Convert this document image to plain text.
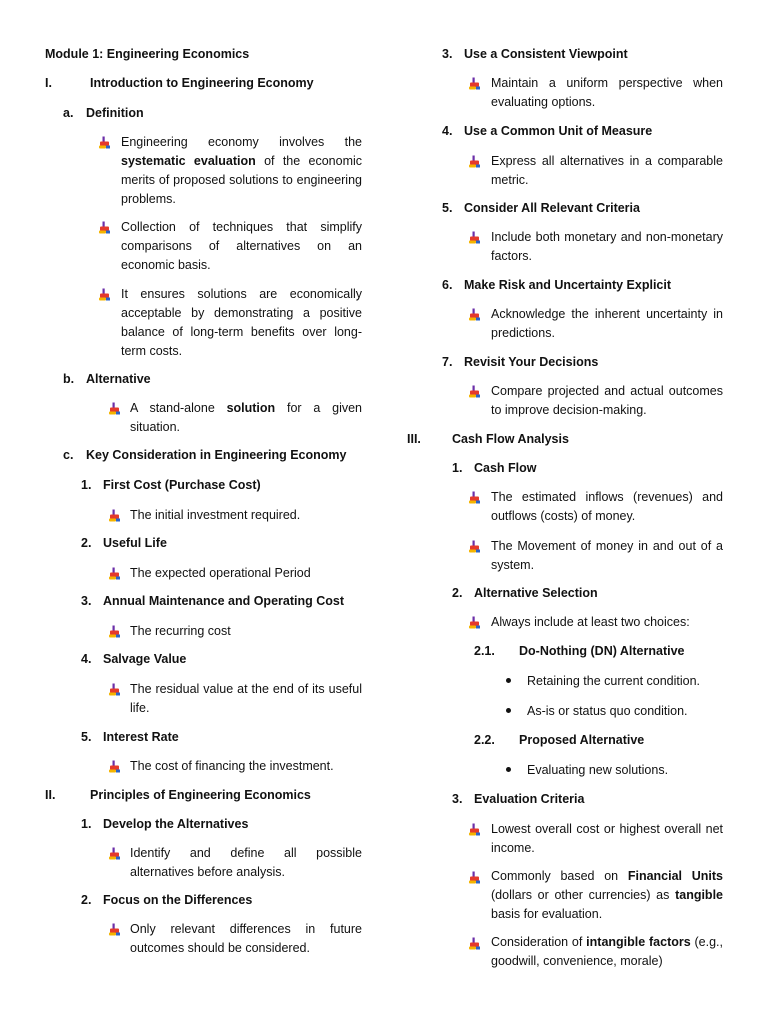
Module 1: Engineering Economics
I.	Introduction to Engineering Economy
a. Definition
Engineering economy involves the systematic evaluation of the economic merits of proposed solutions to engineering problems.
Collection of techniques that simplify comparisons of alternatives on an economic basis.
It ensures solutions are economically acceptable by demonstrating a positive balance of long-term benefits over long-term costs.
b. Alternative
A stand-alone solution for a given situation.
c. Key Consideration in Engineering Economy
1. First Cost (Purchase Cost)
The initial investment required.
2. Useful Life
The expected operational Period
3. Annual Maintenance and Operating Cost
The recurring cost
4. Salvage Value
The residual value at the end of its useful life.
5. Interest Rate
The cost of financing the investment.
II.	Principles of Engineering Economics
1. Develop the Alternatives
Identify and define all possible alternatives before analysis.
2. Focus on the Differences
Only relevant differences in future outcomes should be considered.
3. Use a Consistent Viewpoint
Maintain a uniform perspective when evaluating options.
4. Use a Common Unit of Measure
Express all alternatives in a comparable metric.
5. Consider All Relevant Criteria
Include both monetary and non-monetary factors.
6. Make Risk and Uncertainty Explicit
Acknowledge the inherent uncertainty in predictions.
7. Revisit Your Decisions
Compare projected and actual outcomes to improve decision-making.
III. Cash Flow Analysis
1. Cash Flow
The estimated inflows (revenues) and outflows (costs) of money.
The Movement of money in and out of a system.
2. Alternative Selection
Always include at least two choices:
2.1. Do-Nothing (DN) Alternative
Retaining the current condition.
As-is or status quo condition.
2.2. Proposed Alternative
Evaluating new solutions.
3. Evaluation Criteria
Lowest overall cost or highest overall net income.
Commonly based on Financial Units (dollars or other currencies) as tangible basis for evaluation.
Consideration of intangible factors (e.g., goodwill, convenience, morale)
